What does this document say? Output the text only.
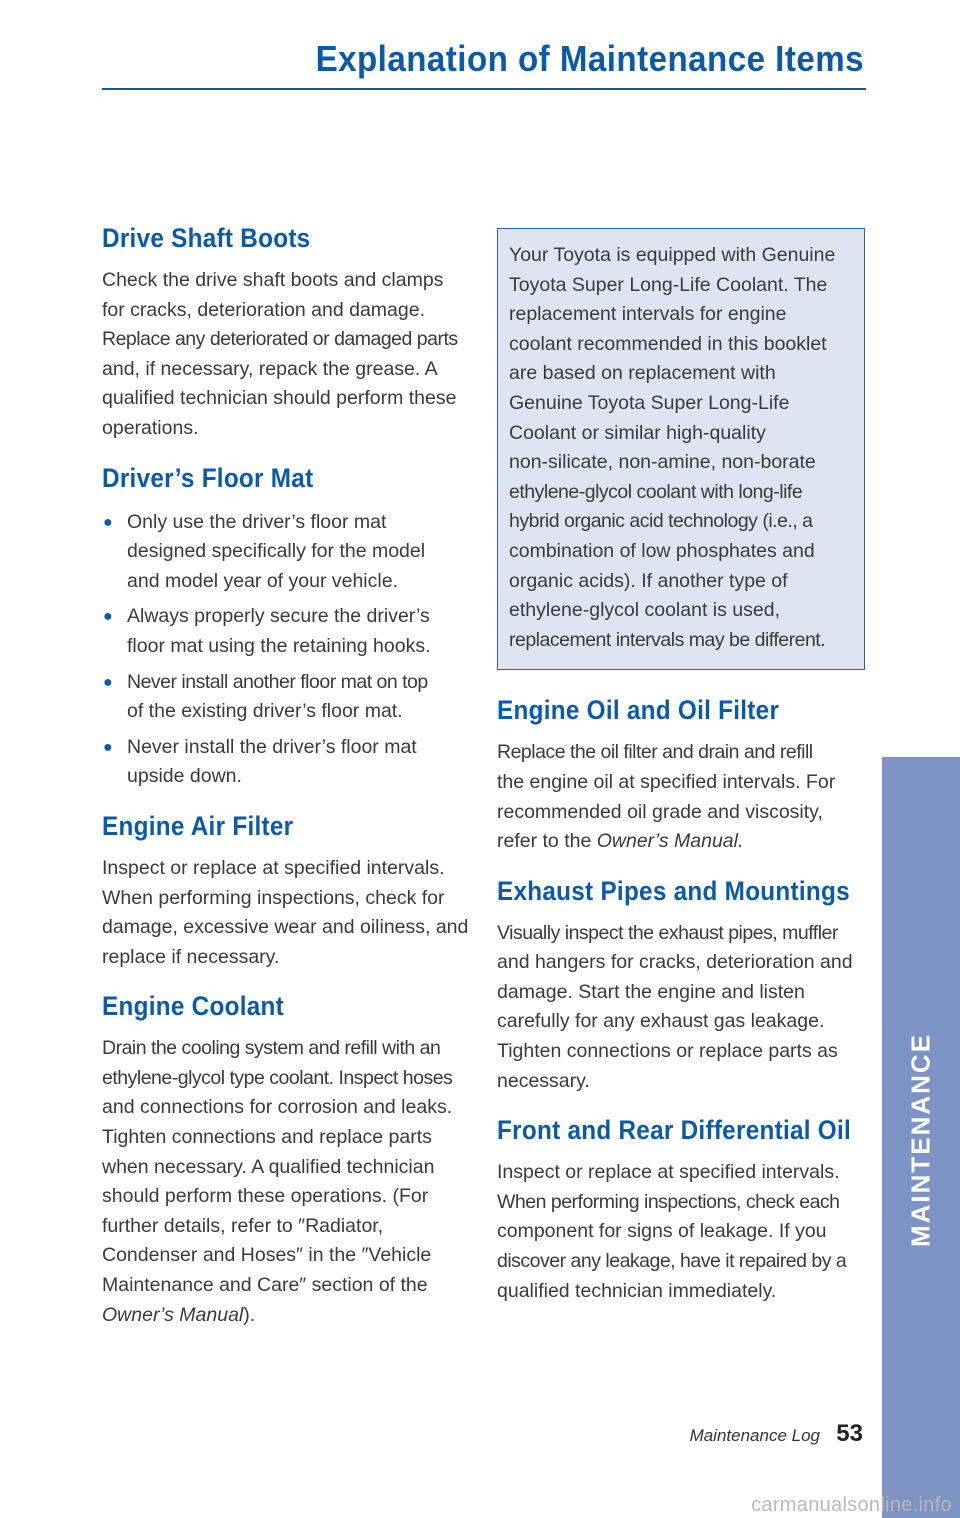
Explanation of Maintenance Items
Drive Shaft Boots

Check the drive shaft boots and clamps
for cracks, deterioration and damage.
Replace any deteriorated or damaged parts
and, if necessary, repack the grease. A
qualified technician should perform these
operations.

Driver’s Floor Mat
● Only use the driver’s floor mat
designed specifically for the model
and model year of your vehicle.
● Always properly secure the driver’s
floor mat using the retaining hooks.
● Never install another floor mat on top
of the existing driver’s floor mat.
● Never install the driver’s floor mat
upside down.
Engine Air Filter

Inspect or replace at specified intervals.
When performing inspections, check for
damage, excessive wear and oiliness, and
replace if necessary.

Engine Coolant

Drain the cooling system and refill with an
ethylene-glycol type coolant. Inspect hoses
and connections for corrosion and leaks.
Tighten connections and replace parts
when necessary. A qualified technician
should perform these operations. (For
further details, refer to ″Radiator,
Condenser and Hoses″ in the ″Vehicle
Maintenance and Care″ section of the
Owner’s Manual).

Your Toyota is equipped with Genuine
Toyota Super Long-Life Coolant. The
replacement intervals for engine
coolant recommended in this booklet
are based on replacement with
Genuine Toyota Super Long-Life
Coolant or similar high-quality
non-silicate, non-amine, non-borate
ethylene-glycol coolant with long-life
hybrid organic acid technology (i.e., a
combination of low phosphates and
organic acids). If another type of
ethylene-glycol coolant is used,
replacement intervals may be different.

Engine Oil and Oil Filter

Replace the oil filter and drain and refill
the engine oil at specified intervals. For
recommended oil grade and viscosity,
refer to the Owner’s Manual.

Exhaust Pipes and Mountings

Visually inspect the exhaust pipes, muffler
and hangers for cracks, deterioration and
damage. Start the engine and listen
carefully for any exhaust gas leakage.
Tighten connections or replace parts as
necessary.

Front and Rear Differential Oil

Inspect or replace at specified intervals.
When performing inspections, check each
component for signs of leakage. If you
discover any leakage, have it repaired by a
qualified technician immediately.

MAINTENANCE
Maintenance Log 53
carmanualsonline.info
